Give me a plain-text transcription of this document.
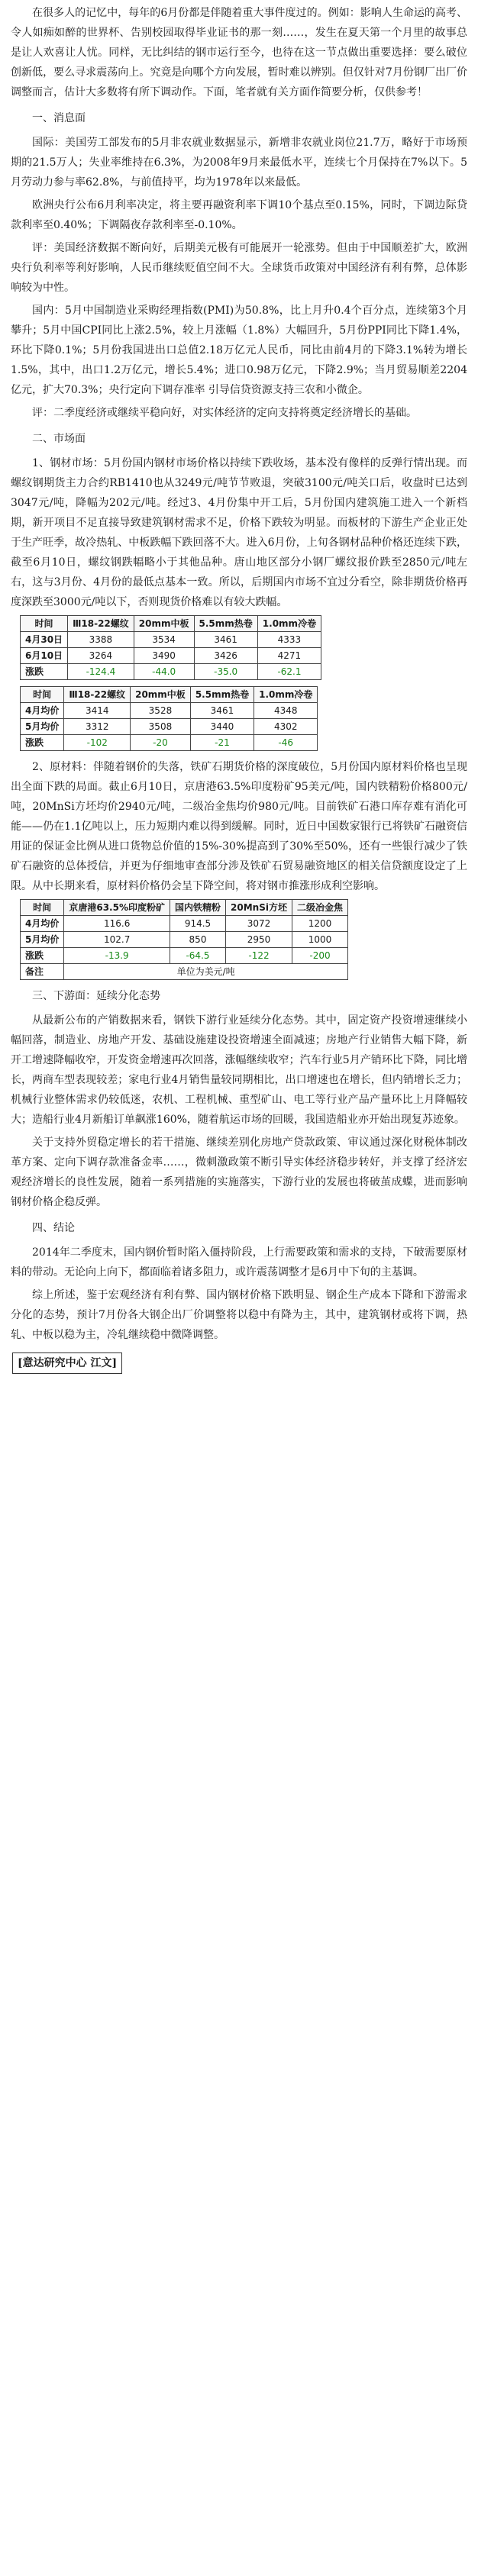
在很多人的记忆中，每年的6月份都是伴随着重大事件度过的。例如：影响人生命运的高考、令人如痴如醉的世界杯、告别校园取得毕业证书的那一刻……，发生在夏天第一个月里的故事总是让人欢喜让人忧。同样，无比纠结的钢市运行至今，也待在这一节点做出重要选择：要么破位创新低，要么寻求震荡向上。究竟是向哪个方向发展，暂时难以辨别。但仅针对7月份钢厂出厂价调整而言，估计大多数将有所下调动作。下面，笔者就有关方面作简要分析，仅供参考！

一、消息面

国际：美国劳工部发布的5月非农就业数据显示，新增非农就业岗位21.7万，略好于市场预期的21.5万人；失业率维持在6.3%，为2008年9月来最低水平，连续七个月保持在7%以下。5月劳动力参与率62.8%，与前值持平，均为1978年以来最低。

欧洲央行公布6月利率决定，将主要再融资利率下调10个基点至0.15%，同时，下调边际贷款利率至0.40%；下调隔夜存款利率至-0.10%。

评：美国经济数据不断向好，后期美元极有可能展开一轮涨势。但由于中国顺差扩大，欧洲央行负利率等利好影响，人民币继续贬值空间不大。全球货币政策对中国经济有利有弊，总体影响较为中性。

国内：5月中国制造业采购经理指数(PMI)为50.8%，比上月升0.4个百分点，连续第3个月攀升；5月中国CPI同比上涨2.5%，较上月涨幅（1.8%）大幅回升，5月份PPI同比下降1.4%，环比下降0.1%；5月份我国进出口总值2.18万亿元人民币，同比由前4月的下降3.1%转为增长1.5%，其中，出口1.2万亿元，增长5.4%；进口0.98万亿元，下降2.9%；当月贸易顺差2204亿元，扩大70.3%；央行定向下调存准率 引导信贷资源支持三农和小微企。

评：二季度经济或继续平稳向好，对实体经济的定向支持将奠定经济增长的基础。

二、市场面

1、钢材市场：5月份国内钢材市场价格以持续下跌收场，基本没有像样的反弹行情出现。而螺纹钢期货主力合约RB1410也从3249元/吨节节败退，突破3100元/吨关口后，收盘时已达到3047元/吨，降幅为202元/吨。经过3、4月份集中开工后，5月份国内建筑施工进入一个新档期，新开项目不足直接导致建筑钢材需求不足，价格下跌较为明显。而板材的下游生产企业正处于生产旺季，故冷热轧、中板跌幅下跌回落不大。进入6月份，上旬各钢材品种价格还连续下跌，截至6月10日，螺纹钢跌幅略小于其他品种。唐山地区部分小钢厂螺纹报价跌至2850元/吨左右，这与3月份、4月份的最低点基本一致。所以，后期国内市场不宜过分看空，除非期货价格再度深跌至3000元/吨以下，否则现货价格难以有较大跌幅。

时间	Ⅲ18-22螺纹	20mm中板	5.5mm热卷	1.0mm冷卷
4月30日	3388	3534	3461	4333
6月10日	3264	3490	3426	4271
涨跌	-124.4	-44.0	-35.0	-62.1
时间	Ⅲ18-22螺纹	20mm中板	5.5mm热卷	1.0mm冷卷
4月均价	3414	3528	3461	4348
5月均价	3312	3508	3440	4302
涨跌	-102	-20	-21	-46

2、原材料：伴随着钢价的失落，铁矿石期货价格的深度破位，5月份国内原材料价格也呈现出全面下跌的局面。截止6月10日，京唐港63.5%印度粉矿95美元/吨，国内铁精粉价格800元/吨，20MnSi方坯均价2940元/吨，二级冶金焦均价980元/吨。目前铁矿石港口库存难有消化可能——仍在1.1亿吨以上，压力短期内难以得到缓解。同时，近日中国数家银行已将铁矿石融资信用证的保证金比例从进口货物总价值的15%-30%提高到了30%至50%，还有一些银行减少了铁矿石融资的总体授信，并更为仔细地审查部分涉及铁矿石贸易融资地区的相关信贷额度设定了上限。从中长期来看，原材料价格仍会呈下降空间，将对钢市推涨形成利空影响。

时间	京唐港63.5%印度粉矿	国内铁精粉	20MnSi方坯	二级冶金焦
4月均价	116.6	914.5	3072	1200
5月均价	102.7	850	2950	1000
涨跌	-13.9	-64.5	-122	-200
备注	单位为美元/吨			

三、下游面：延续分化态势

从最新公布的产销数据来看，钢铁下游行业延续分化态势。其中，固定资产投资增速继续小幅回落，制造业、房地产开发、基础设施建设投资增速全面减速；房地产行业销售大幅下降，新开工增速降幅收窄，开发资金增速再次回落，涨幅继续收窄；汽车行业5月产销环比下降，同比增长，两商车型表现较差；家电行业4月销售量较同期相比，出口增速也在增长，但内销增长乏力；机械行业整体需求仍较低迷，农机、工程机械、重型矿山、电工等行业产品产量环比上月降幅较大；造船行业4月新船订单飙涨160%，随着航运市场的回暖，我国造船业亦开始出现复苏迹象。

关于支持外贸稳定增长的若干措施、继续差别化房地产贷款政策、审议通过深化财税体制改革方案、定向下调存款准备金率……，微刺激政策不断引导实体经济稳步转好，并支撑了经济宏观经济增长的良性发展，随着一系列措施的实施落实，下游行业的发展也将破茧成蝶，进而影响钢材价格企稳反弹。

四、结论

2014年二季度末，国内钢价暂时陷入僵持阶段，上行需要政策和需求的支持，下破需要原材料的带动。无论向上向下，都面临着诸多阻力，或许震荡调整才是6月中下旬的主基调。

综上所述，鉴于宏观经济有利有弊、国内钢材价格下跌明显、钢企生产成本下降和下游需求分化的态势，预计7月份各大钢企出厂价调整将以稳中有降为主，其中，建筑钢材或将下调，热轧、中板以稳为主，冷轧继续稳中微降调整。

[意达研究中心 江文]
